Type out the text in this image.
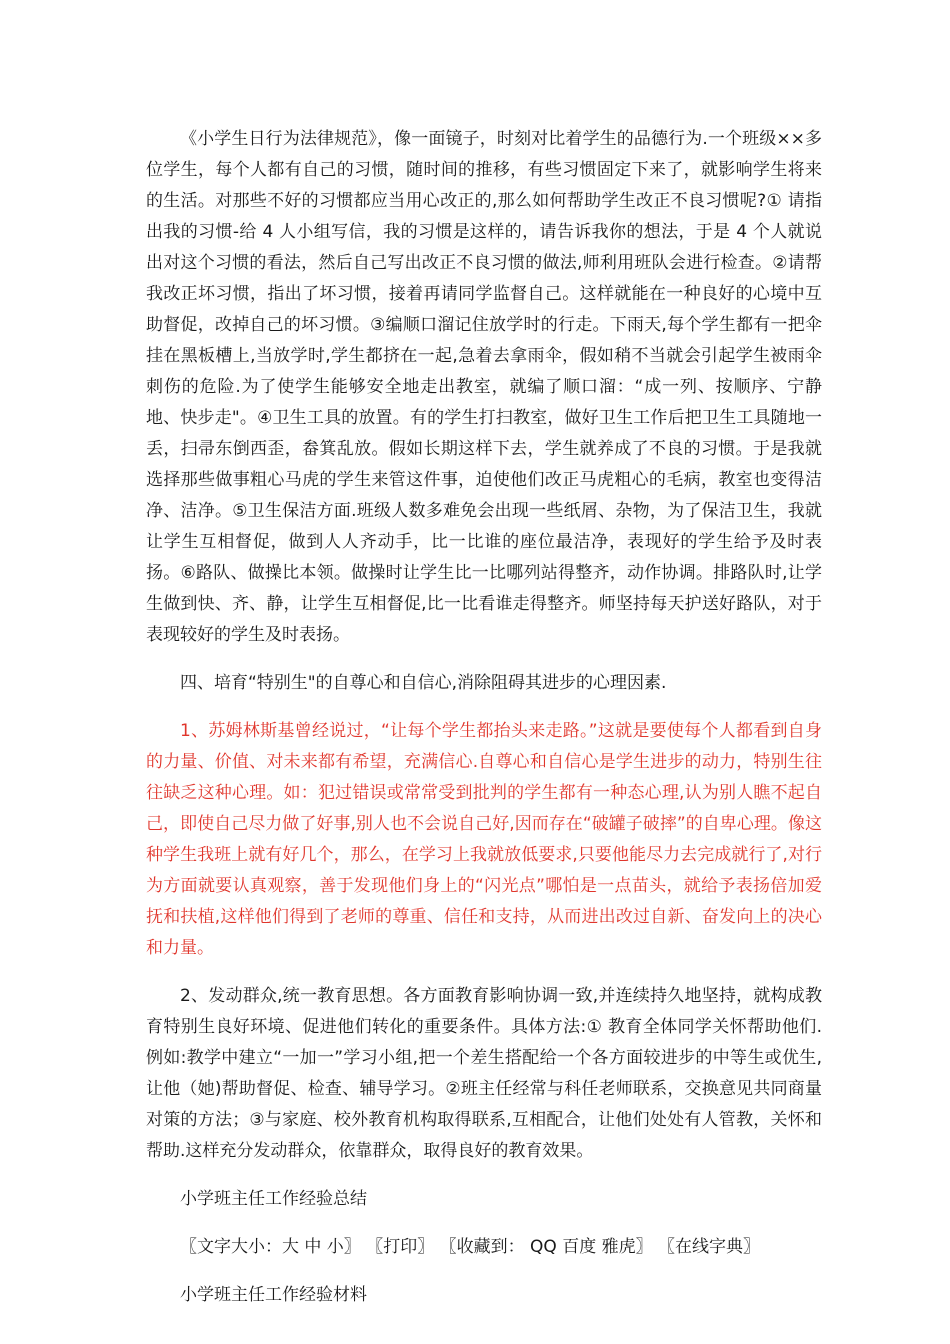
《小学生日行为法律规范》，像一面镜子，时刻对比着学生的品德行为.一个班级××多位学生，每个人都有自己的习惯，随时间的推移，有些习惯固定下来了，就影响学生将来的生活。对那些不好的习惯都应当用心改正的,那么如何帮助学生改正不良习惯呢?① 请指出我的习惯-给 4 人小组写信，我的习惯是这样的，请告诉我你的想法，于是 4 个人就说出对这个习惯的看法，然后自己写出改正不良习惯的做法,师利用班队会进行检查。②请帮我改正坏习惯，指出了坏习惯，接着再请同学监督自己。这样就能在一种良好的心境中互助督促，改掉自己的坏习惯。③编顺口溜记住放学时的行走。下雨天,每个学生都有一把伞挂在黑板槽上,当放学时,学生都挤在一起,急着去拿雨伞，假如稍不当就会引起学生被雨伞刺伤的危险.为了使学生能够安全地走出教室，就编了顺口溜：“成一列、按顺序、宁静地、快步走"。④卫生工具的放置。有的学生打扫教室，做好卫生工作后把卫生工具随地一丢，扫帚东倒西歪，畚箕乱放。假如长期这样下去，学生就养成了不良的习惯。于是我就选择那些做事粗心马虎的学生来管这件事，迫使他们改正马虎粗心的毛病，教室也变得洁净、洁净。⑤卫生保洁方面.班级人数多难免会出现一些纸屑、杂物，为了保洁卫生，我就让学生互相督促，做到人人齐动手，比一比谁的座位最洁净，表现好的学生给予及时表扬。⑥路队、做操比本领。做操时让学生比一比哪列站得整齐，动作协调。排路队时,让学生做到快、齐、静，让学生互相督促,比一比看谁走得整齐。师坚持每天护送好路队，对于表现较好的学生及时表扬。

四、培育“特别生"的自尊心和自信心,消除阻碍其进步的心理因素.

1、苏姆林斯基曾经说过，“让每个学生都抬头来走路。”这就是要使每个人都看到自身的力量、价值、对未来都有希望，充满信心.自尊心和自信心是学生进步的动力，特别生往往缺乏这种心理。如：犯过错误或常常受到批判的学生都有一种态心理,认为别人瞧不起自己，即使自己尽力做了好事,别人也不会说自己好,因而存在“破罐子破摔”的自卑心理。像这种学生我班上就有好几个，那么，在学习上我就放低要求,只要他能尽力去完成就行了,对行为方面就要认真观察，善于发现他们身上的“闪光点”哪怕是一点苗头，就给予表扬倍加爱抚和扶植,这样他们得到了老师的尊重、信任和支持，从而进出改过自新、奋发向上的决心和力量。

2、发动群众,统一教育思想。各方面教育影响协调一致,并连续持久地坚持，就构成教育特别生良好环境、促进他们转化的重要条件。具体方法:① 教育全体同学关怀帮助他们.例如:教学中建立“一加一”学习小组,把一个差生搭配给一个各方面较进步的中等生或优生,让他（她)帮助督促、检查、辅导学习。②班主任经常与科任老师联系，交换意见共同商量对策的方法；③与家庭、校外教育机构取得联系,互相配合，让他们处处有人管教，关怀和帮助.这样充分发动群众，依靠群众，取得良好的教育效果。

小学班主任工作经验总结

〖文字大小：大 中 小〗 〖打印〗 〖收藏到： QQ 百度 雅虎〗 〖在线字典〗

小学班主任工作经验材料
